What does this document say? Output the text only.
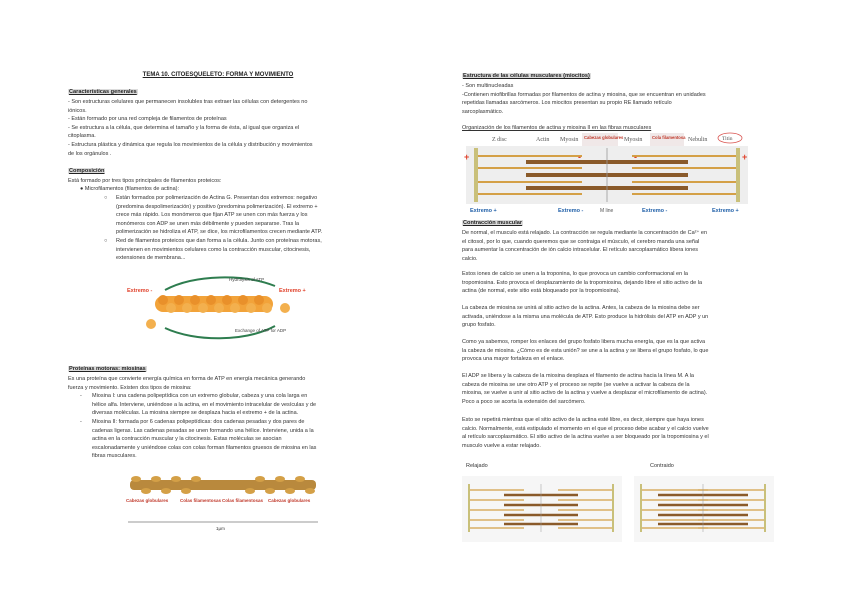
TEMA 10. CITOESQUELETO: FORMA Y MOVIMIENTO
Características generales
- Son estructuras celulares que permanecen insolubles tras extraer las células con detergentes no
iónicos.
- Están formado por una red compleja de filamentos de proteínas
- Se estructura a la célula, que determina el tamaño y la forma de ésta, al igual que organiza el
citoplasma.
- Estructura plástica y dinámica que regula los movimientos de la célula y distribución y movimientos
de los orgánulos .
Composición
Está formado por tres tipos principales de filamentos proteicos:
● Microfilamentos (filamentos de actina):
○ Están formados por polimerización de Actina G. Presentan dos extremos: negativo
(predomina despolimerización) y positivo (predomina polimerización). El extremo +
crece más rápido. Los monómeros que fijan ATP se unen con más fuerza y los
monómeros con ADP se unen más débilmente y pueden separarse. Tras la
polimerización se hidroliza el ATP, se dice, los microfilamentos crecen mediante ATP.
○ Red de filamentos proteicos que dan forma a la célula. Junto con proteínas motoras,
intervienen en movimientos celulares como la contracción muscular, citocinesis,
extensiones de membrana...
Hydrolysis of ATP
Exchange of ATP for ADP
Extremo -	Extremo +
Proteínas motoras: miosinas
Es una proteína que convierte energía química en forma de ATP en energía mecánica generando
fuerza y movimiento. Existen dos tipos de miosina:
- Miosina I: una cadena polipeptídica con un extremo globular, cabeza y una cola larga en
hélice alfa. Interviene, uniéndose a la actina, en el movimiento intracelular de vesículas y de
diversas moléculas. La miosina siempre se desplaza hacia el extremo + de la actina.
- Miosina II: formada por 6 cadenas polipeptídicas: dos cadenas pesadas y dos pares de
cadenas ligeras. Las cadenas pesadas se unen formando una hélice. Interviene, unida a la
actina en la contracción muscular y la citocinesis. Estas moléculas se asocian
escalonadamente y uniéndose colas con colas forman filamentos gruesos de miosina en las
fibras musculares.
Cabezas globulares	Colas filamentosas Colas filamentosas Cabezas globulares
1μm
Estructura de las células musculares (miocitos)
- Son multinucleadas
-Contienen miofibrillas formadas por filamentos de actina y miosina, que se encuentran en unidades
repetidas llamadas sarcómeros. Los miocitos presentan su propio RE llamado retículo
sarcoplasmático.
Organización de los filamentos de actina y miosina II en las fibras musculares
Z disc	Actin Myosin	Myosin	Nebulin
Cabezas globulares	Cola filamentosa	Titin
+	-	-	+
Extremo +	Extremo -	Extremo -	Extremo +
M line
Contracción muscular
De normal, el musculo está relajado. La contracción se regula mediante la concentración de Ca²⁺ en
el citosol, por lo que, cuando queremos que se contraiga el músculo, el cerebro manda una señal
para aumentar la concentración de ión calcio intracelular. El retículo sarcoplasmático libera iones
calcio.
Estos iones de calcio se unen a la troponina, lo que provoca un cambio conformacional en la
tropomiosina. Esto provoca el desplazamiento de la tropomiosina, dejando libre el sitio activo de la
actina (de normal, este sitio está bloqueado por la tropomiosina).
La cabeza de miosina se unirá al sitio activo de la actina. Antes, la cabeza de la miosina debe ser
activada, uniéndose a la misma una molécula de ATP. Esto produce la hidrólisis del ATP en ADP y un
grupo fosfato.
Como ya sabemos, romper los enlaces del grupo fosfato libera mucha energía, que es la que activa
la cabeza de miosina. ¿Cómo es de esta unión? se une a la actina y se libera el grupo fosfato, lo que
provoca una mayor fortaleza en el enlace.
El ADP se libera y la cabeza de la miosina desplaza el filamento de actina hacia la línea M. A la
cabeza de miosina se une otro ATP y el proceso se repite (se vuelve a activar la cabeza de la
miosina, se vuelve a unir al sitio activo de la actina y vuelve a desplazar el microfilamento de actina).
Poco a poco se acorta la extensión del sarcómero.
Esto se repetirá mientras que el sitio activo de la actina esté libre, es decir, siempre que haya iones
calcio. Normalmente, está estipulado el momento en el que el proceso debe acabar y el calcio vuelve
al retículo sarcoplasmático. El sitio activo de la actina vuelve a ser bloqueado por la tropomiosina y el
musculo vuelve a estar relajado.
Relajado	Contraido
